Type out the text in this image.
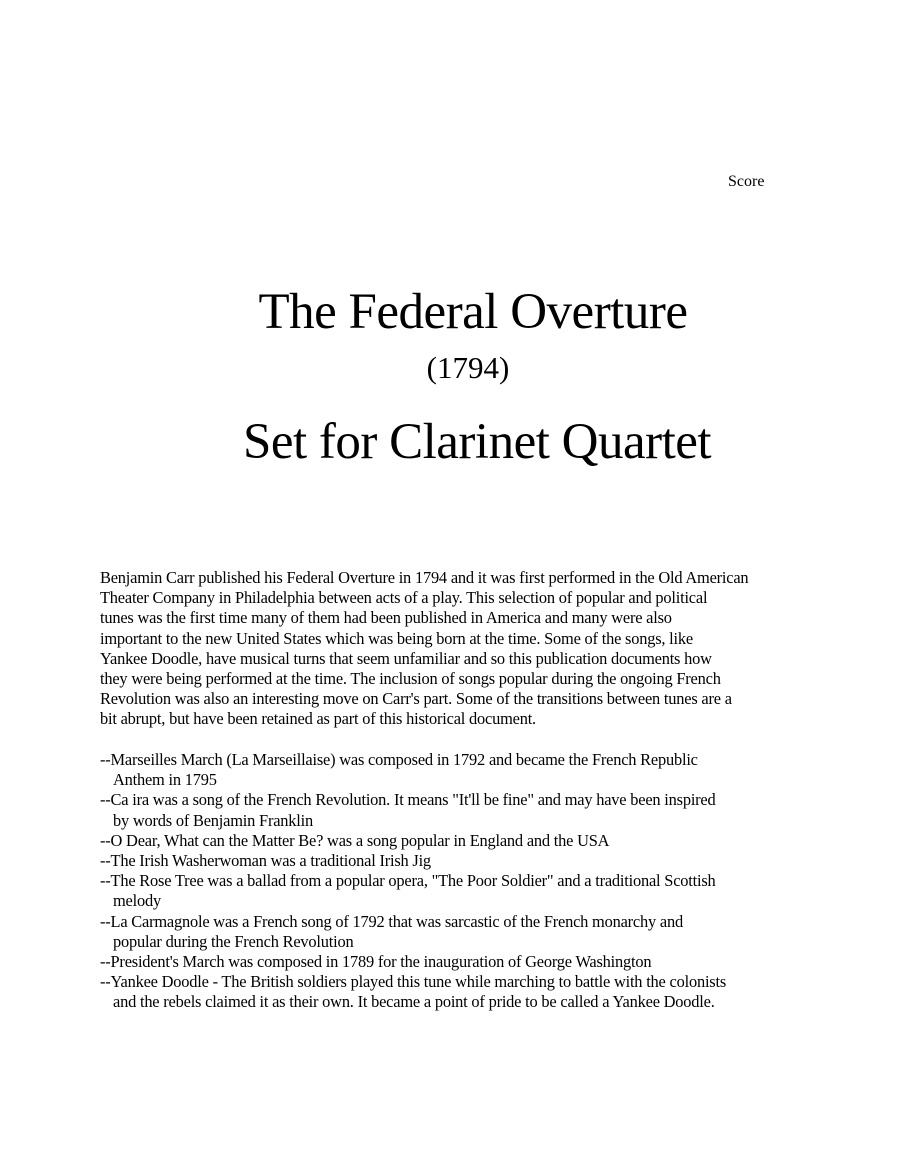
Score
The Federal Overture
(1794)
Set for Clarinet Quartet
Benjamin Carr published his Federal Overture in 1794 and it was first performed in the Old American
Theater Company in Philadelphia between acts of a play. This selection of popular and political
tunes was the first time many of them had been published in America and many were also
important to the new United States which was being born at the time. Some of the songs, like
Yankee Doodle, have musical turns that seem unfamiliar and so this publication documents how
they were being performed at the time. The inclusion of songs popular during the ongoing French
Revolution was also an interesting move on Carr's part. Some of the transitions between tunes are a
bit abrupt, but have been retained as part of this historical document.
--Marseilles March (La Marseillaise) was composed in 1792 and became the French Republic
Anthem in 1795
--Ca ira was a song of the French Revolution. It means "It'll be fine" and may have been inspired
by words of Benjamin Franklin
--O Dear, What can the Matter Be? was a song popular in England and the USA
--The Irish Washerwoman was a traditional Irish Jig
--The Rose Tree was a ballad from a popular opera, "The Poor Soldier" and a traditional Scottish
melody
--La Carmagnole was a French song of 1792 that was sarcastic of the French monarchy and
popular during the French Revolution
--President's March was composed in 1789 for the inauguration of George Washington
--Yankee Doodle - The British soldiers played this tune while marching to battle with the colonists
and the rebels claimed it as their own. It became a point of pride to be called a Yankee Doodle.
